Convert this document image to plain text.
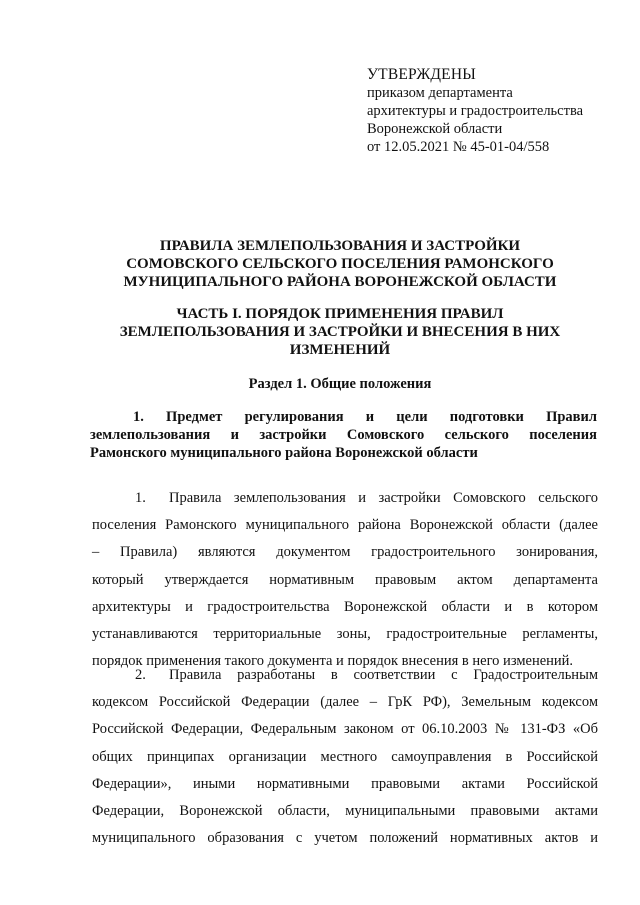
УТВЕРЖДЕНЫ
приказом департамента
архитектуры и градостроительства
Воронежской области
от 12.05.2021 № 45-01-04/558
ПРАВИЛА ЗЕМЛЕПОЛЬЗОВАНИЯ И ЗАСТРОЙКИ
СОМОВСКОГО СЕЛЬСКОГО ПОСЕЛЕНИЯ РАМОНСКОГО
МУНИЦИПАЛЬНОГО РАЙОНА ВОРОНЕЖСКОЙ ОБЛАСТИ
ЧАСТЬ I. ПОРЯДОК ПРИМЕНЕНИЯ ПРАВИЛ
ЗЕМЛЕПОЛЬЗОВАНИЯ И ЗАСТРОЙКИ И ВНЕСЕНИЯ В НИХ
ИЗМЕНЕНИЙ
Раздел 1. Общие положения
1. Предмет регулирования и цели подготовки Правил
землепользования и застройки Сомовского сельского поселения
Рамонского муниципального района Воронежской области
1. Правила землепользования и застройки Сомовского сельского
поселения Рамонского муниципального района Воронежской области (далее
– Правила) являются документом градостроительного зонирования,
который утверждается нормативным правовым актом департамента
архитектуры и градостроительства Воронежской области и в котором
устанавливаются территориальные зоны, градостроительные регламенты,
порядок применения такого документа и порядок внесения в него изменений.
2. Правила разработаны в соответствии с Градостроительным
кодексом Российской Федерации (далее – ГрК РФ), Земельным кодексом
Российской Федерации, Федеральным законом от 06.10.2003 № 131-ФЗ «Об
общих принципах организации местного самоуправления в Российской
Федерации», иными нормативными правовыми актами Российской
Федерации, Воронежской области, муниципальными правовыми актами
муниципального образования с учетом положений нормативных актов и
